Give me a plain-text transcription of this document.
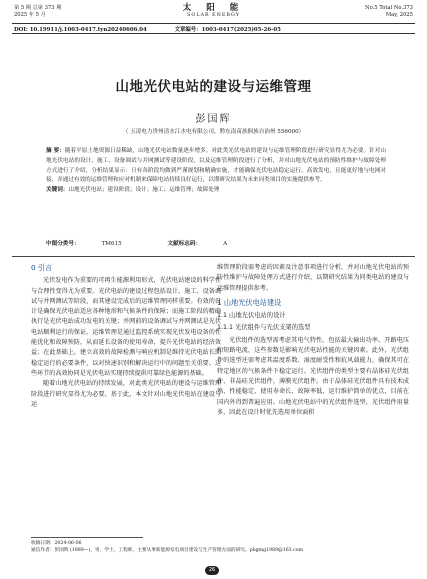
第 5 期 总第 373 期
2025 年 5 月
太 阳 能
SOLAR ENERGY
No.5 Total No.373
May, 2025
DOI: 10.19911/j.1003-0417.tyn20240606.04	文章编号：1003-0417(2025)05-26-05
山地光伏电站的建设与运维管理
彭国辉
（ 五凌电力贵州清水江水电有限公司，黔东南苗族侗族自治州 556000）
摘 要：随着平原土地资源日益稀缺，山地光伏电站数量逐步增多。对此类光伏电站的建设与运维管理阶段进行研究显得尤为必要。针对山地光伏电站的设计、施工、设备调试与并网测试等建设阶段，以及运维管理阶段进行了分析，并对山地光伏电站的预防性维护与故障处理方式进行了介绍，分析结果显示：只有各阶段均做到严谨规划和精确实施，才能确保光伏电站稳定运行、高效发电，且能更好地与电网对接，并通过有效的运维管理和应对机制来保障电站持续良好运行，以期研究结果为未来同类项目的实施提供参考。
关键词：山地光伏电站；建设阶段；设计；施工；运维管理；故障处理
中图分类号：	TM615	文献标志码：	A
0 引言

光伏发电作为重要的可再生能源利用形式，光伏电站建设的科学性与合理性变得尤为重要。光伏电站的建设过程包括设计、施工、设备调试与并网测试等阶段，而其建设完成后的运维管理同样重要。有效的设计是确保光伏电站适应各种地形和气候条件的保障；而施工阶段的精确执行是光伏电站成功发电的关键；并网前的设备调试与并网测试是光伏电站顺利运行的保证。运维管理是通过监控系统实现光伏发电设备的性能优化和故障预防，从而延长设备的使用寿命，提升光伏电站的经济效益；在此基础上，建立高效的故障检测与响应机制是维持光伏电站长期稳定运行的必要条件，以对快速识别和解决运行中的问题至关重要。这些环节的高效协同是光伏电站实现持续提供可靠绿色能源的基础。

随着山地光伏电站的持续发展，对此类光伏电站的建设与运维管理阶段进行研究显得尤为必要。基于此，本文针对山地光伏电站在建设与运

维管理阶段需考虑的因素及注意事项进行分析，并对山地光伏电站的预防性维护与故障处理方式进行介绍，以期研究结果为同类电站的建设与运维管理提供参考。

1 山地光伏电站建设
1.1 山地光伏电站的设计
1.1.1 光伏组件与光伏支架的选型

光伏组件的选型需考虑其电气特性，包括最大输出功率、开路电压和短路电流，这些参数是影响光伏电站性能的关键因素。此外，光伏组件的选型还需考虑其温度系数、湿度耐受性和抗风载能力，确保其可在特定地区的气候条件下稳定运行。光伏组件的类型主要有晶体硅光伏组件、非晶硅光伏组件、薄膜光伏组件。由于晶体硅光伏组件具有技术成熟、性能稳定、使用寿命长、故障率低、运行维护简单的优点，目前在国内外得到普遍应用。山地光伏电站中的光伏组件选型，光伏组件用量多，因此在设计时优先选用单位面积

收稿日期：2024-06-06
通信作者：彭国辉 (1989—)，男，学士，工程师，主要从事新能源发电项目建设与生产管理方面的研究。pbgmg1989@163.com
26
